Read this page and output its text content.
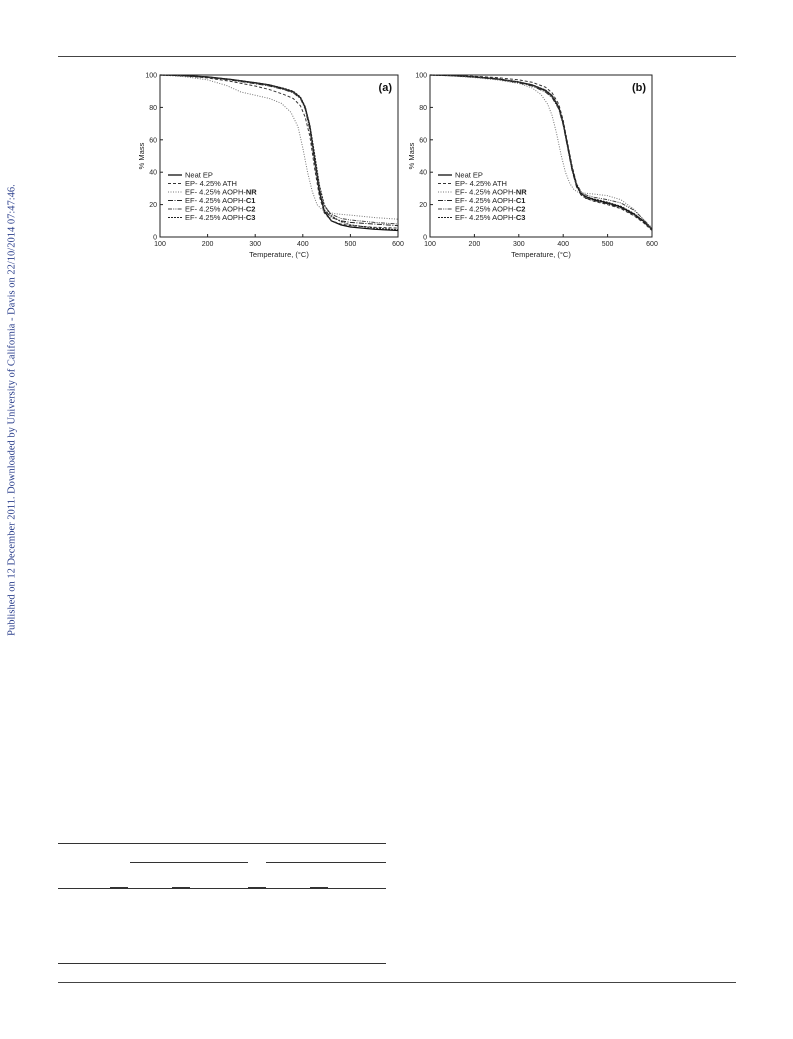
Published on 12 December 2011. Downloaded by University of California - Davis on 22/10/2014 07:47:46.	100	200	300	400	500	600
0
20
40
60
80
100
Temperature, (°C)
% Mass
(a)
Neat EP
EP- 4.25% ATH
EF- 4.25% AOPH-NR
EF- 4.25% AOPH-C1
EF- 4.25% AOPH-C2
EF- 4.25% AOPH-C3
100	200	300	400	500	600
0
20
40
60
80
100
Temperature, (°C)
% Mass
(b)
Neat EP
EP- 4.25% ATH
EF- 4.25% AOPH-NR
EF- 4.25% AOPH-C1
EF- 4.25% AOPH-C2
EF- 4.25% AOPH-C3
